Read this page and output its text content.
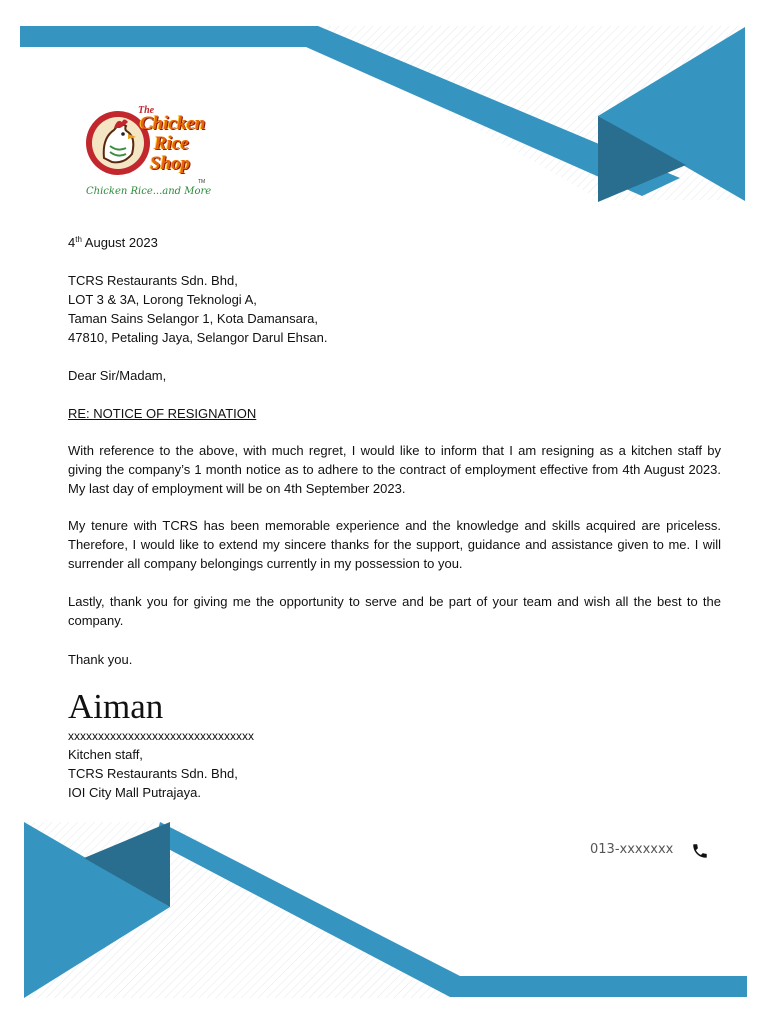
The
Chicken
Rice
Shop
TM
Chicken Rice...and More

4th August 2023

TCRS Restaurants Sdn. Bhd,

LOT 3 & 3A, Lorong Teknologi A,

Taman Sains Selangor 1, Kota Damansara,

47810, Petaling Jaya, Selangor Darul Ehsan.

Dear Sir/Madam,

RE: NOTICE OF RESIGNATION

With reference to the above, with much regret, I would like to inform that I am resigning as a kitchen staff by giving the company’s 1 month notice as to adhere to the contract of employment effective from 4th August 2023. My last day of employment will be on 4th September 2023.

My tenure with TCRS has been memorable experience and the knowledge and skills acquired are priceless. Therefore, I would like to extend my sincere thanks for the support, guidance and assistance given to me. I will surrender all company belongings currently in my possession to you.

Lastly, thank you for giving me the opportunity to serve and be part of your team and wish all the best to the company.

Thank you.

Aiman

xxxxxxxxxxxxxxxxxxxxxxxxxxxxxxx

Kitchen staff,

TCRS Restaurants Sdn. Bhd,

IOI City Mall Putrajaya.

013-xxxxxxx
